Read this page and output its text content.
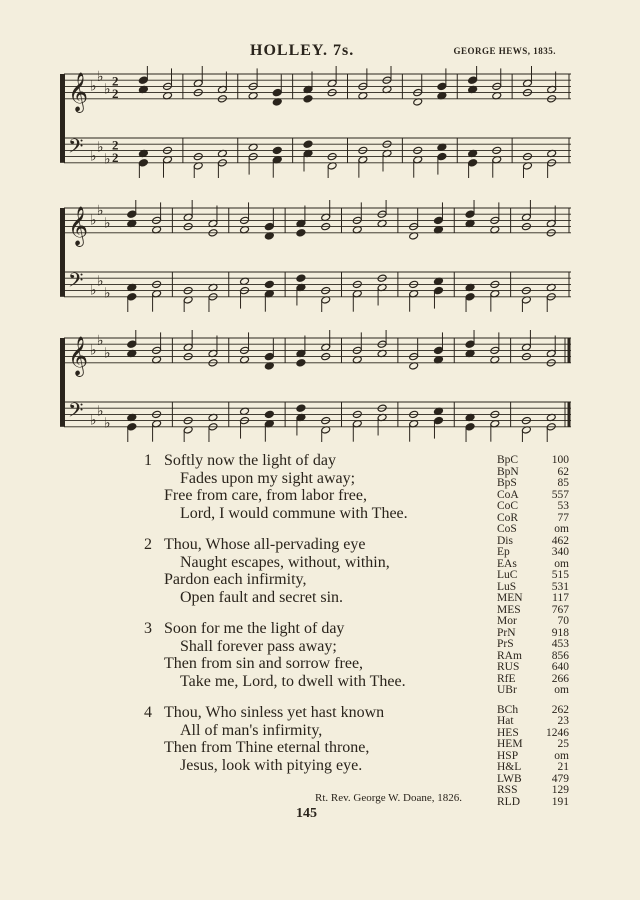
HOLLEY. 7s.	GEORGE HEWS, 1835.
𝄞 ♭
♭
♭
2
2
𝄢 ♭
♭
♭
2
2
𝄞 ♭
♭
♭
𝄢 ♭
♭
♭
𝄞 ♭
♭
♭
𝄢 ♭
♭
♭
1 Softly now the light of day
Fades upon my sight away;
Free from care, from labor free,
Lord, I would commune with Thee.
2 Thou, Whose all-pervading eye
Naught escapes, without, within,
Pardon each infirmity,
Open fault and secret sin.
3 Soon for me the light of day
Shall forever pass away;
Then from sin and sorrow free,
Take me, Lord, to dwell with Thee.
4 Thou, Who sinless yet hast known
All of man's infirmity,
Then from Thine eternal throne,
Jesus, look with pitying eye.
BpC	100
BpN	62
BpS	85
CoA	557
CoC	53
CoR	77
CoS	om
Dis	462
Ep	340
EAs	om
LuC	515
LuS	531
MEN	117
MES	767
Mor	70
PrN	918
PrS	453
RAm	856
RUS	640
RfE	266
UBr	om
BCh	262
Hat	23
HES 1246
HEM	25
HSP	om
H&L	21
LWB	479
RSS	129
RLD	191
Rt. Rev. George W. Doane, 1826.
145
